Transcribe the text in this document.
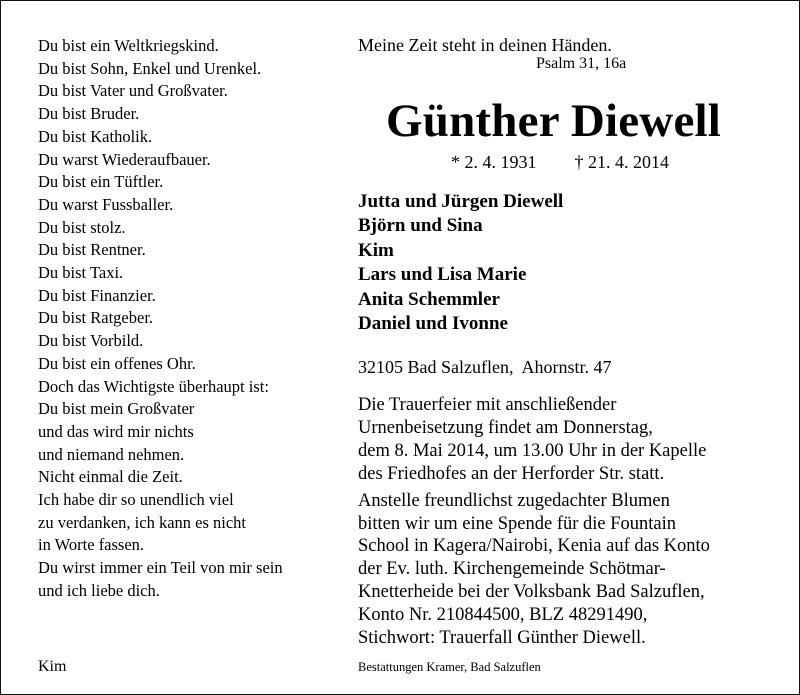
Du bist ein Weltkriegskind.
Du bist Sohn, Enkel und Urenkel.
Du bist Vater und Großvater.
Du bist Bruder.
Du bist Katholik.
Du warst Wiederaufbauer.
Du bist ein Tüftler.
Du warst Fussballer.
Du bist stolz.
Du bist Rentner.
Du bist Taxi.
Du bist Finanzier.
Du bist Ratgeber.
Du bist Vorbild.
Du bist ein offenes Ohr.
Doch das Wichtigste überhaupt ist:
Du bist mein Großvater
und das wird mir nichts
und niemand nehmen.
Nicht einmal die Zeit.
Ich habe dir so unendlich viel
zu verdanken, ich kann es nicht
in Worte fassen.
Du wirst immer ein Teil von mir sein
und ich liebe dich.
Kim
Meine Zeit steht in deinen Händen.
Psalm 31, 16a
Günther Diewell
* 2. 4. 1931 † 21. 4. 2014
Jutta und Jürgen Diewell
Björn und Sina
Kim
Lars und Lisa Marie
Anita Schemmler
Daniel und Ivonne
32105 Bad Salzuflen,  Ahornstr. 47
Die Trauerfeier mit anschließender
Urnenbeisetzung findet am Donnerstag,
dem 8. Mai 2014, um 13.00 Uhr in der Kapelle
des Friedhofes an der Herforder Str. statt.
Anstelle freundlichst zugedachter Blumen
bitten wir um eine Spende für die Fountain
School in Kagera/Nairobi, Kenia auf das Konto
der Ev. luth. Kirchengemeinde Schötmar-
Knetterheide bei der Volksbank Bad Salzuflen,
Konto Nr. 210844500, BLZ 48291490,
Stichwort: Trauerfall Günther Diewell.
Bestattungen Kramer, Bad Salzuflen
